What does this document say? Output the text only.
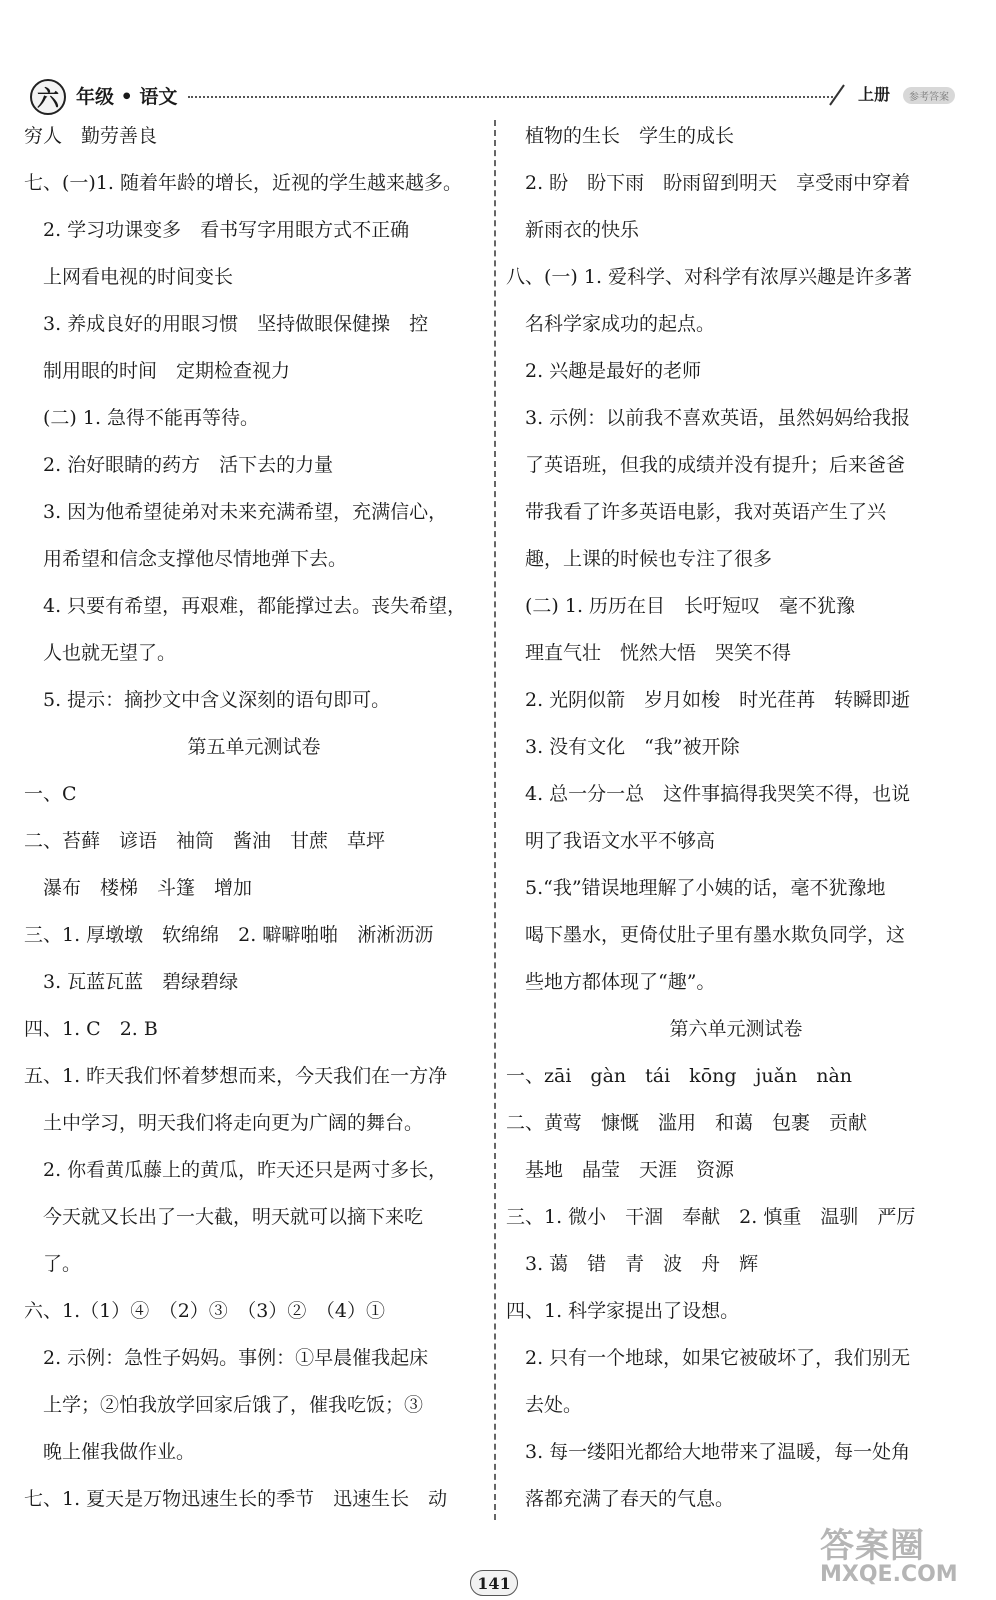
六 年级 • 语文	上册	参考答案
穷人　勤劳善良
七、(一)1. 随着年龄的增长，近视的学生越来越多。
　2. 学习功课变多　看书写字用眼方式不正确
　上网看电视的时间变长
　3. 养成良好的用眼习惯　坚持做眼保健操　控
　制用眼的时间　定期检查视力
　(二) 1. 急得不能再等待。
　2. 治好眼睛的药方　活下去的力量
　3. 因为他希望徒弟对未来充满希望，充满信心，
　用希望和信念支撑他尽情地弹下去。
　4. 只要有希望，再艰难，都能撑过去。丧失希望，
　人也就无望了。
　5. 提示：摘抄文中含义深刻的语句即可。
第五单元测试卷
一、C
二、苔藓　谚语　袖筒　酱油　甘蔗　草坪
　瀑布　楼梯　斗篷　增加
三、1. 厚墩墩　软绵绵　2. 噼噼啪啪　淅淅沥沥
　3. 瓦蓝瓦蓝　碧绿碧绿
四、1. C　2. B
五、1. 昨天我们怀着梦想而来，今天我们在一方净
　土中学习，明天我们将走向更为广阔的舞台。
　2. 你看黄瓜藤上的黄瓜，昨天还只是两寸多长，
　今天就又长出了一大截，明天就可以摘下来吃
　了。
六、1.（1）④　（2）③　（3）②　（4）①
　2. 示例：急性子妈妈。事例：①早晨催我起床
　上学；②怕我放学回家后饿了，催我吃饭；③
　晚上催我做作业。
七、1. 夏天是万物迅速生长的季节　迅速生长　动
　植物的生长　学生的成长
　2. 盼　盼下雨　盼雨留到明天　享受雨中穿着
　新雨衣的快乐
八、(一) 1. 爱科学、对科学有浓厚兴趣是许多著
　名科学家成功的起点。
　2. 兴趣是最好的老师
　3. 示例：以前我不喜欢英语，虽然妈妈给我报
　了英语班，但我的成绩并没有提升；后来爸爸
　带我看了许多英语电影，我对英语产生了兴
　趣，上课的时候也专注了很多
　(二) 1. 历历在目　长吁短叹　毫不犹豫
　理直气壮　恍然大悟　哭笑不得
　2. 光阴似箭　岁月如梭　时光荏苒　转瞬即逝
　3. 没有文化　“我”被开除
　4. 总一分一总　这件事搞得我哭笑不得，也说
　明了我语文水平不够高
　5.“我”错误地理解了小姨的话，毫不犹豫地
　喝下墨水，更倚仗肚子里有墨水欺负同学，这
　些地方都体现了“趣”。
第六单元测试卷
一、zāi　gàn　tái　kōng　juǎn　nàn
二、黄莺　慷慨　滥用　和蔼　包裹　贡献
　基地　晶莹　天涯　资源
三、1. 微小　干涸　奉献　2. 慎重　温驯　严厉
　3. 蔼　错　青　波　舟　辉
四、1. 科学家提出了设想。
　2. 只有一个地球，如果它被破坏了，我们别无
　去处。
　3. 每一缕阳光都给大地带来了温暖，每一处角
　落都充满了春天的气息。
141
答案圈
MXQE.COM
